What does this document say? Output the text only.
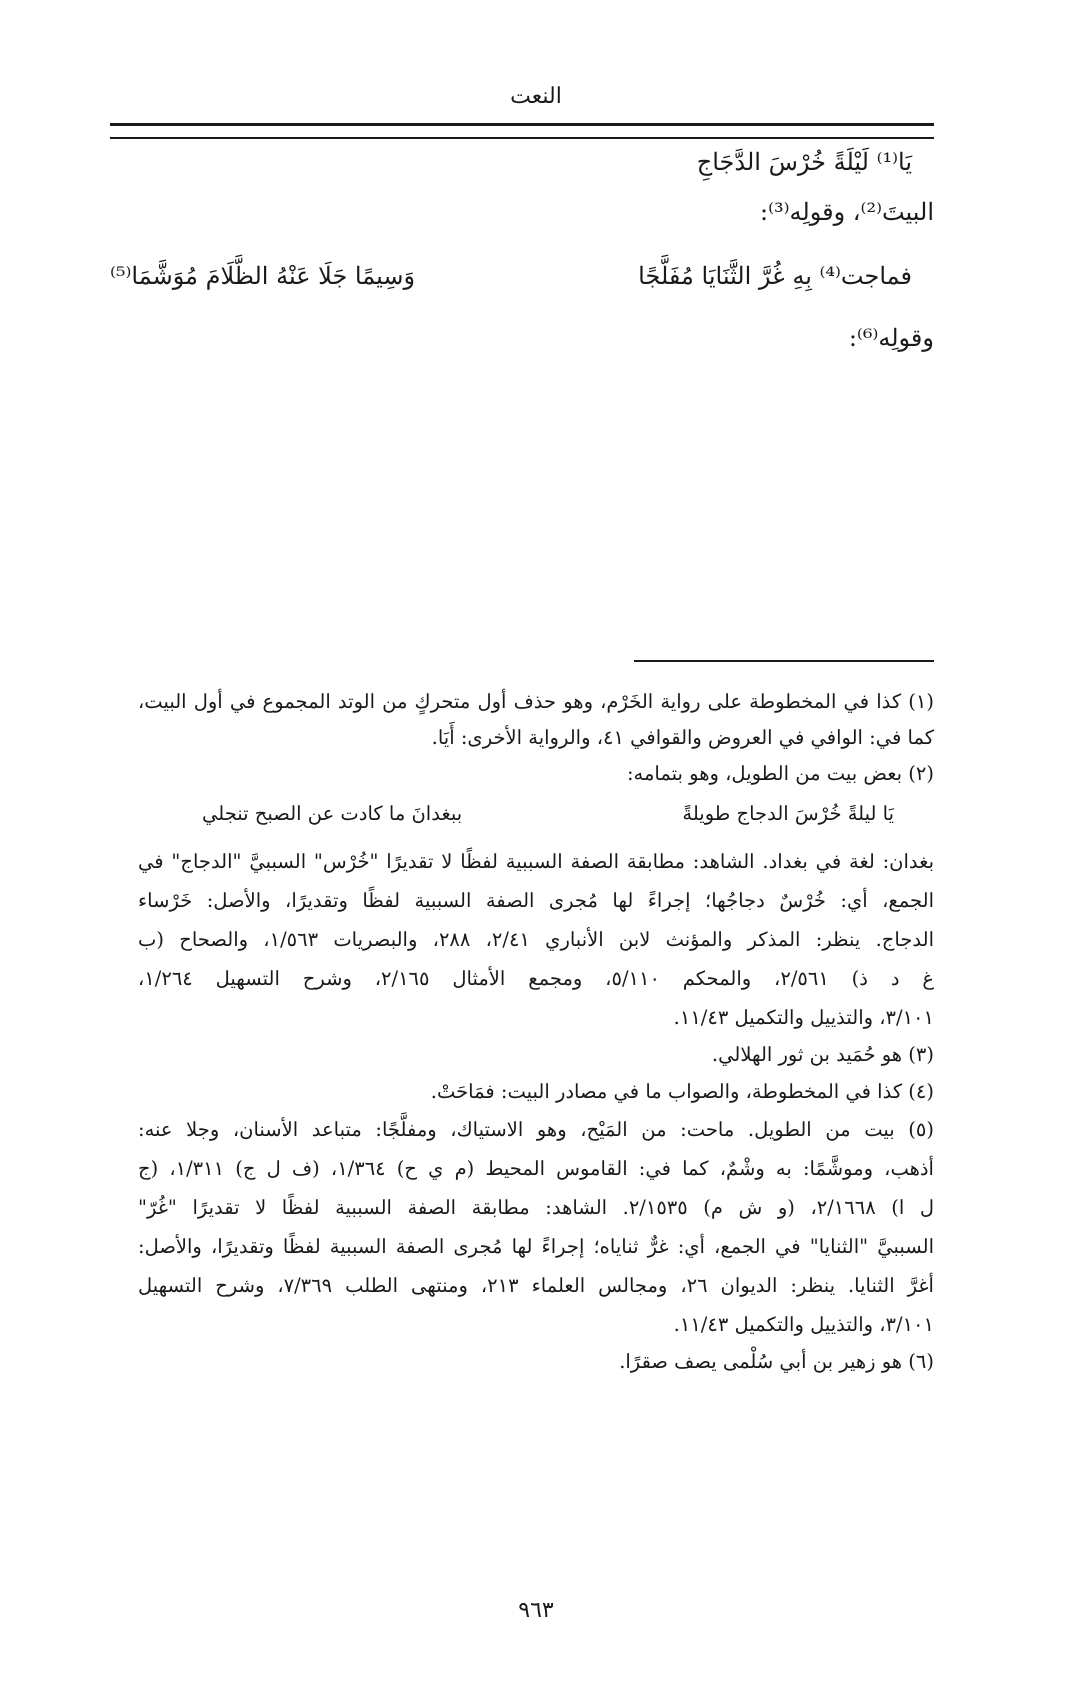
النعت
يَا⁽¹⁾ لَيْلَةً خُرْسَ الدَّجَاجِ
البيتَ⁽²⁾، وقولِه⁽³⁾:
فماجت⁽⁴⁾ بِهِ غُرَّ الثَّنَايَا مُفَلَّجًا
وَسِيمًا جَلَا عَنْهُ الظَّلَامَ مُوَشَّمَا⁽⁵⁾
وقولِه⁽⁶⁾:
(١) كذا في المخطوطة على رواية الخَرْم، وهو حذف أول متحركٍ من الوتد المجموع في أول البيت،
كما في: الوافي في العروض والقوافي ٤١، والرواية الأخرى: أَيَا.
(٢) بعض بيت من الطويل، وهو بتمامه:
يَا ليلةً خُرْسَ الدجاج طويلةً
ببغدانَ ما كادت عن الصبح تنجلي
بغدان: لغة في بغداد. الشاهد: مطابقة الصفة السببية لفظًا لا تقديرًا "خُرْس" السببيَّ "الدجاج" في
الجمع، أي: خُرْسٌ دجاجُها؛ إجراءً لها مُجرى الصفة السببية لفظًا وتقديرًا، والأصل: خَرْساء
الدجاج. ينظر: المذكر والمؤنث لابن الأنباري ٢/٤١، ٢٨٨، والبصريات ١/٥٦٣، والصحاح (ب
غ د ذ) ٢/٥٦١، والمحكم ٥/١١٠، ومجمع الأمثال ٢/١٦٥، وشرح التسهيل ١/٢٦٤،
٣/١٠١، والتذييل والتكميل ١١/٤٣.
(٣) هو حُمَيد بن ثور الهلالي.
(٤) كذا في المخطوطة، والصواب ما في مصادر البيت: فمَاحَتْ.
(٥) بيت من الطويل. ماحت: من المَيْح، وهو الاستياك، ومفلَّجًا: متباعد الأسنان، وجلا عنه:
أذهب، وموشَّمًا: به وشْمٌ، كما في: القاموس المحيط (م ي ح) ١/٣٦٤، (ف ل ج) ١/٣١١، (ج
ل ا) ٢/١٦٦٨، (و ش م) ٢/١٥٣٥. الشاهد: مطابقة الصفة السببية لفظًا لا تقديرًا "غُرّ"
السببيَّ "الثنايا" في الجمع، أي: غرٌّ ثناياه؛ إجراءً لها مُجرى الصفة السببية لفظًا وتقديرًا، والأصل:
أغرَّ الثنايا. ينظر: الديوان ٢٦، ومجالس العلماء ٢١٣، ومنتهى الطلب ٧/٣٦٩، وشرح التسهيل
٣/١٠١، والتذييل والتكميل ١١/٤٣.
(٦) هو زهير بن أبي سُلْمى يصف صقرًا.
٩٦٣
